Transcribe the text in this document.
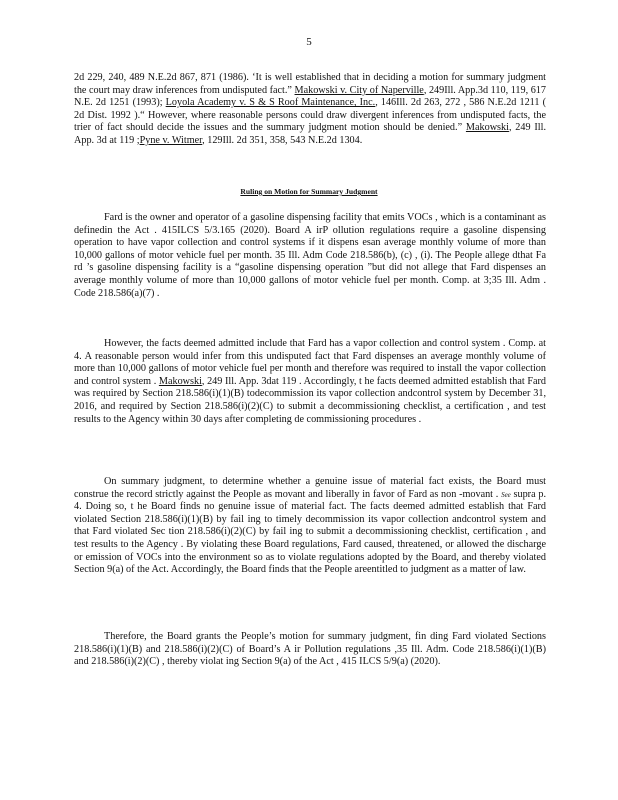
5
2d 229, 240, 489 N.E.2d 867, 871 (1986). ‘It is well established that in deciding a motion for summary judgment the court may draw inferences from undisputed fact.” Makowski v. City of Naperville, 249Ill. App.3d 110, 119, 617 N.E. 2d 1251 (1993); Loyola Academy v. S & S Roof Maintenance, Inc., 146Ill. 2d 263, 272 , 586 N.E.2d 1211 ( 2d Dist. 1992 ).“ However, where reasonable persons could draw divergent inferences from undisputed facts, the trier of fact should decide the issues and the summary judgment motion should be denied.” Makowski, 249 Ill. App. 3d at 119 ;Pyne v. Witmer, 129Ill. 2d 351, 358, 543 N.E.2d 1304.
Ruling on Motion for Summary Judgment
Fard is the owner and operator of a gasoline dispensing facility that emits VOCs , which is a contaminant as definedin the Act . 415ILCS 5/3.165 (2020). Board A irP ollution regulations require a gasoline dispensing operation to have vapor collection and control systems if it dispens esan average monthly volume of more than 10,000 gallons of motor vehicle fuel per month. 35 Ill. Adm Code 218.586(b), (c) , (i). The People allege dthat Fa rd ’s gasoline dispensing facility is a “gasoline dispensing operation ”but did not allege that Fard dispenses an average monthly volume of more than 10,000 gallons of motor vehicle fuel per month. Comp. at 3;35 Ill. Adm . Code 218.586(a)(7) .
However, the facts deemed admitted include that Fard has a vapor collection and control system . Comp. at 4. A reasonable person would infer from this undisputed fact that Fard dispenses an average monthly volume of more than 10,000 gallons of motor vehicle fuel per month and therefore was required to install the vapor collection and control system . Makowski, 249 Ill. App. 3dat 119 . Accordingly, t he facts deemed admitted establish that Fard was required by Section 218.586(i)(1)(B) todecommission its vapor collection andcontrol system by December 31, 2016, and required by Section 218.586(i)(2)(C) to submit a decommissioning checklist, a certification , and test results to the Agency within 30 days after completing de commissioning procedures .
On summary judgment, to determine whether a genuine issue of material fact exists, the Board must construe the record strictly against the People as movant and liberally in favor of Fard as non -movant . See supra p. 4. Doing so, t he Board finds no genuine issue of material fact. The facts deemed admitted establish that Fard violated Section 218.586(i)(1)(B) by fail ing to timely decommission its vapor collection andcontrol system and that Fard violated Sec tion 218.586(i)(2)(C) by fail ing to submit a decommissioning checklist, certification , and test results to the Agency . By violating these Board regulations, Fard caused, threatened, or allowed the discharge or emission of VOCs into the environment so as to violate regulations adopted by the Board, and thereby violated Section 9(a) of the Act. Accordingly, the Board finds that the People areentitled to judgment as a matter of law.
Therefore, the Board grants the People’s motion for summary judgment, fin ding Fard violated Sections 218.586(i)(1)(B) and 218.586(i)(2)(C) of Board’s A ir Pollution regulations ,35 Ill. Adm. Code 218.586(i)(1)(B) and 218.586(i)(2)(C) , thereby violat ing Section 9(a) of the Act , 415 ILCS 5/9(a) (2020).
